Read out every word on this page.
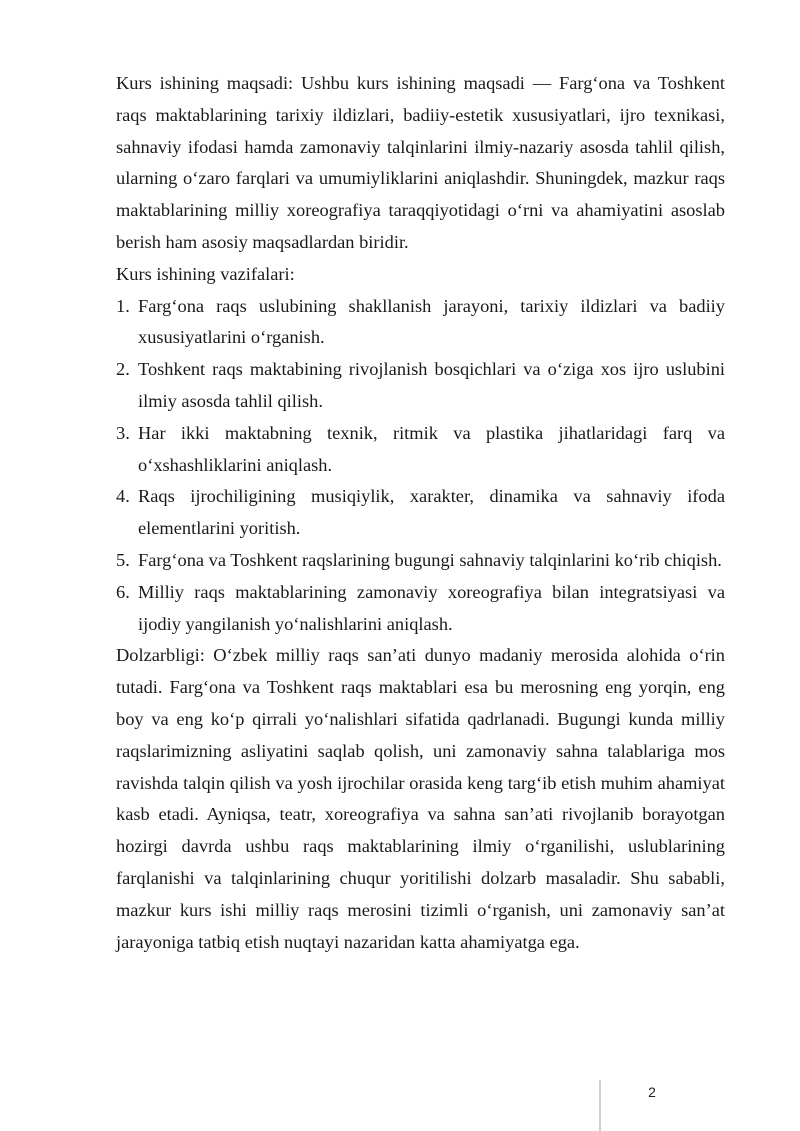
Kurs ishining maqsadi: Ushbu kurs ishining maqsadi — Farg‘ona va Toshkent raqs maktablarining tarixiy ildizlari, badiiy-estetik xususiyatlari, ijro texnikasi, sahnaviy ifodasi hamda zamonaviy talqinlarini ilmiy-nazariy asosda tahlil qilish, ularning o‘zaro farqlari va umumiyliklarini aniqlashdir. Shuningdek, mazkur raqs maktablarining milliy xoreografiya taraqqiyotidagi o‘rni va ahamiyatini asoslab berish ham asosiy maqsadlardan biridir.

Kurs ishining vazifalari:

1. Farg‘ona raqs uslubining shakllanish jarayoni, tarixiy ildizlari va badiiy xususiyatlarini o‘rganish.
2. Toshkent raqs maktabining rivojlanish bosqichlari va o‘ziga xos ijro uslubini ilmiy asosda tahlil qilish.
3. Har ikki maktabning texnik, ritmik va plastika jihatlaridagi farq va o‘xshashliklarini aniqlash.
4. Raqs ijrochiligining musiqiylik, xarakter, dinamika va sahnaviy ifoda elementlarini yoritish.
5. Farg‘ona va Toshkent raqslarining bugungi sahnaviy talqinlarini ko‘rib chiqish.
6. Milliy raqs maktablarining zamonaviy xoreografiya bilan integratsiyasi va ijodiy yangilanish yo‘nalishlarini aniqlash.

Dolzarbligi: O‘zbek milliy raqs san’ati dunyo madaniy merosida alohida o‘rin tutadi. Farg‘ona va Toshkent raqs maktablari esa bu merosning eng yorqin, eng boy va eng ko‘p qirrali yo‘nalishlari sifatida qadrlanadi. Bugungi kunda milliy raqslarimizning asliyatini saqlab qolish, uni zamonaviy sahna talablariga mos ravishda talqin qilish va yosh ijrochilar orasida keng targ‘ib etish muhim ahamiyat kasb etadi. Ayniqsa, teatr, xoreografiya va sahna san’ati rivojlanib borayotgan hozirgi davrda ushbu raqs maktablarining ilmiy o‘rganilishi, uslublarining farqlanishi va talqinlarining chuqur yoritilishi dolzarb masaladir. Shu sababli, mazkur kurs ishi milliy raqs merosini tizimli o‘rganish, uni zamonaviy san’at jarayoniga tatbiq etish nuqtayi nazaridan katta ahamiyatga ega.

2
